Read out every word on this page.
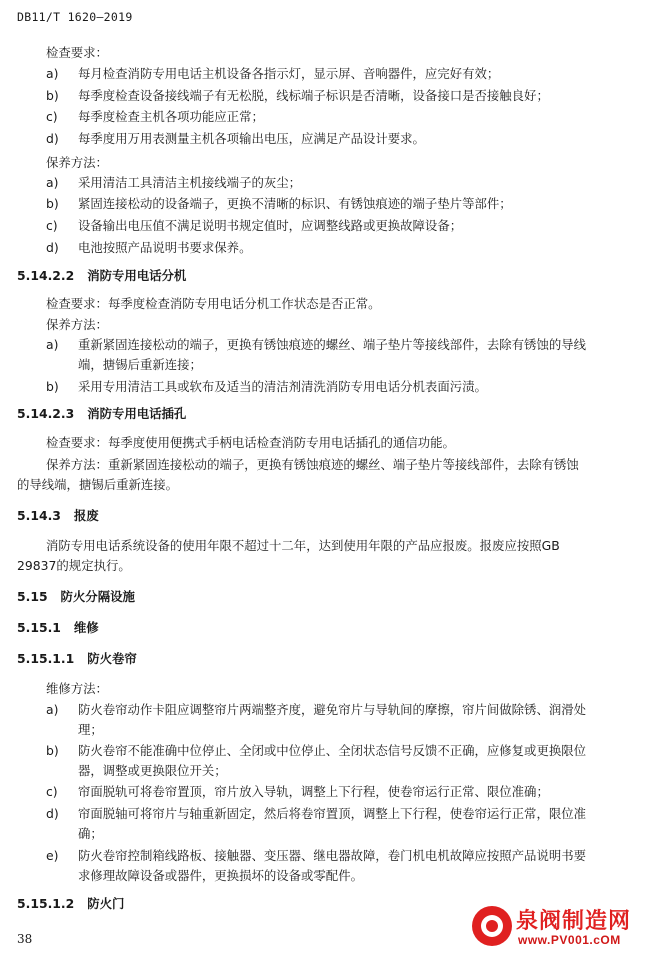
DB11/T 1620—2019
检查要求：
a)	每月检查消防专用电话主机设备各指示灯，显示屏、音响器件，应完好有效；
b)	每季度检查设备接线端子有无松脱，线标端子标识是否清晰，设备接口是否接触良好；
c)	每季度检查主机各项功能应正常；
d)	每季度用万用表测量主机各项输出电压，应满足产品设计要求。
保养方法：
a)	采用清洁工具清洁主机接线端子的灰尘；
b)	紧固连接松动的设备端子，更换不清晰的标识、有锈蚀痕迹的端子垫片等部件；
c)	设备输出电压值不满足说明书规定值时，应调整线路或更换故障设备；
d)	电池按照产品说明书要求保养。
5.14.2.2 消防专用电话分机
检查要求：每季度检查消防专用电话分机工作状态是否正常。
保养方法：
a)	重新紧固连接松动的端子，更换有锈蚀痕迹的螺丝、端子垫片等接线部件，去除有锈蚀的导线
端，搪锡后重新连接；
b)	采用专用清洁工具或软布及适当的清洁剂清洗消防专用电话分机表面污渍。
5.14.2.3 消防专用电话插孔
检查要求：每季度使用便携式手柄电话检查消防专用电话插孔的通信功能。
保养方法：重新紧固连接松动的端子，更换有锈蚀痕迹的螺丝、端子垫片等接线部件，去除有锈蚀
的导线端，搪锡后重新连接。
5.14.3 报废
消防专用电话系统设备的使用年限不超过十二年，达到使用年限的产品应报废。报废应按照GB
29837的规定执行。
5.15 防火分隔设施
5.15.1 维修
5.15.1.1 防火卷帘
维修方法：
a)	防火卷帘动作卡阻应调整帘片两端整齐度，避免帘片与导轨间的摩擦，帘片间做除锈、润滑处
理；
b)	防火卷帘不能准确中位停止、全闭或中位停止、全闭状态信号反馈不正确，应修复或更换限位
器，调整或更换限位开关；
c)	帘面脱轨可将卷帘置顶，帘片放入导轨，调整上下行程，使卷帘运行正常、限位准确；
d)	帘面脱轴可将帘片与轴重新固定，然后将卷帘置顶，调整上下行程，使卷帘运行正常，限位准
确；
e)	防火卷帘控制箱线路板、接触器、变压器、继电器故障，卷门机电机故障应按照产品说明书要
求修理故障设备或器件，更换损坏的设备或零配件。
5.15.1.2 防火门
38
泉阀制造网
www.PV001.cOM
